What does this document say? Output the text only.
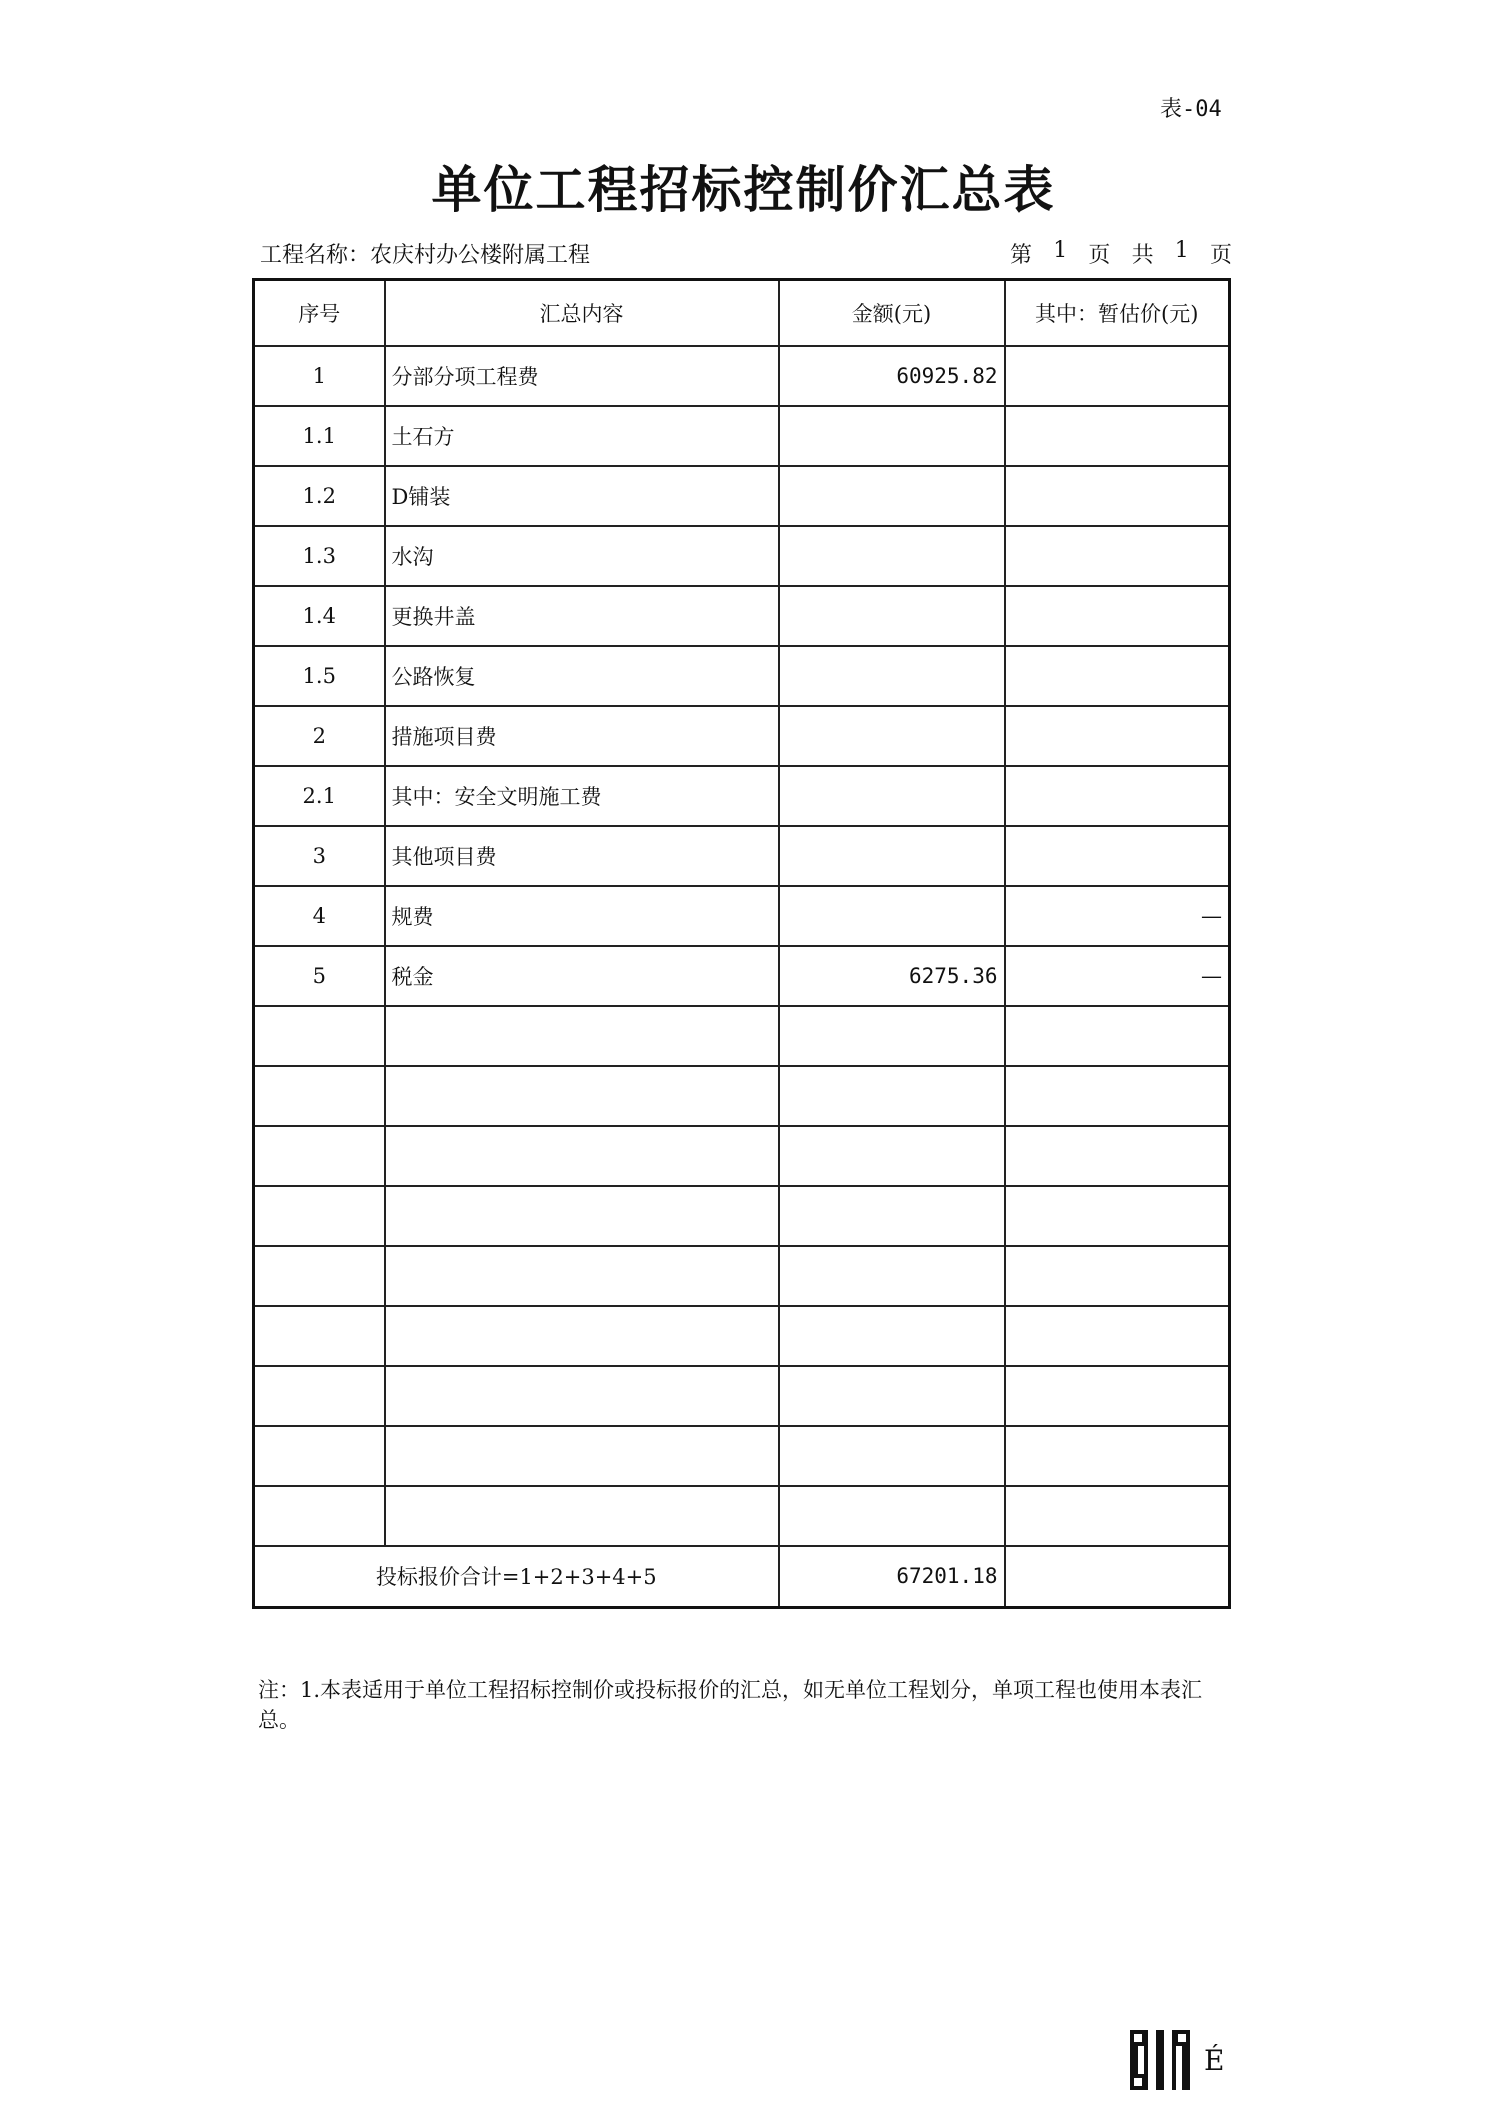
表-04
单位工程招标控制价汇总表
工程名称：农庆村办公楼附属工程	第 1 页 共 1 页
序号	汇总内容	金额(元)	其中：暂估价(元)
1	分部分项工程费	60925.82	
1.1	土石方		
1.2	D铺装		
1.3	水沟		
1.4	更换井盖		
1.5	公路恢复		
2	措施项目费		
2.1	其中：安全文明施工费		
3	其他项目费		
4	规费		—
5	税金	6275.36	—

投标报价合计=1+2+3+4+5		67201.18	
注：1.本表适用于单位工程招标控制价或投标报价的汇总，如无单位工程划分，单项工程也使用本表汇总。
É
